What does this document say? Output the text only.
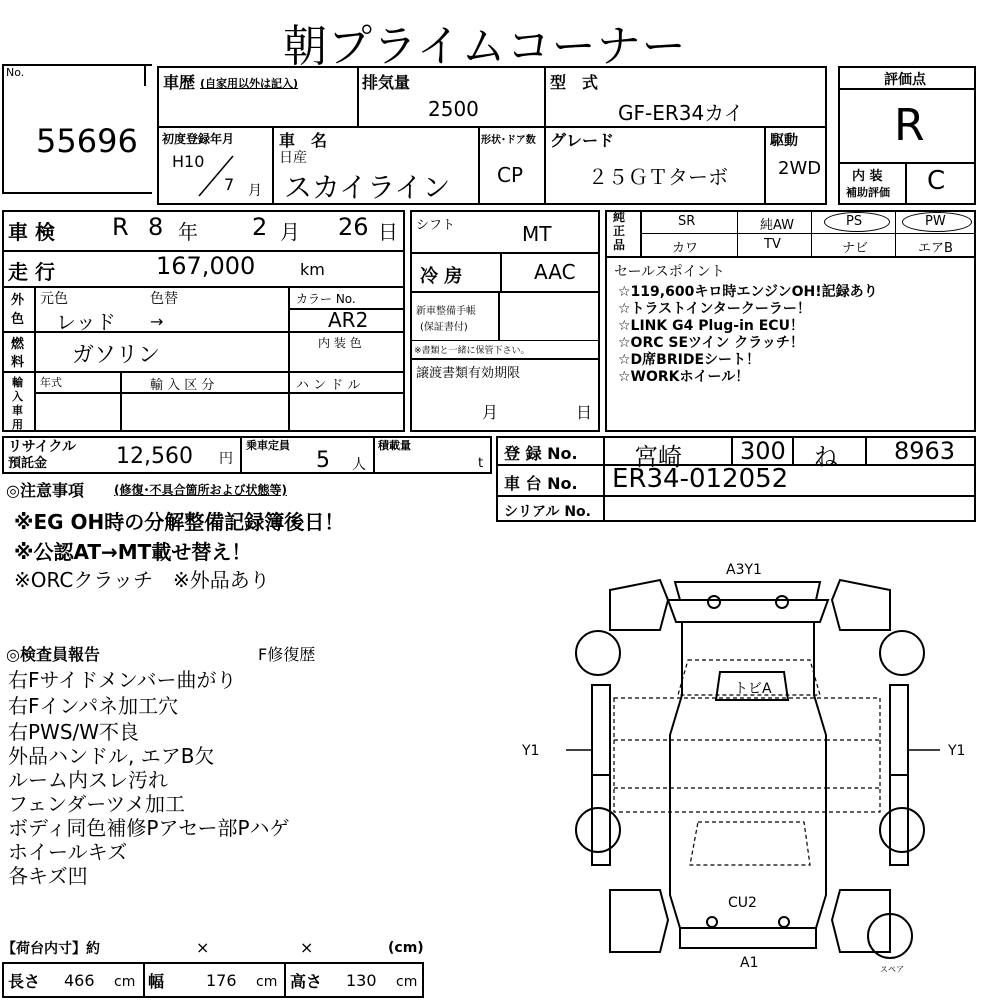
朝プライムコーナー
No.
55696
車歴 (自家用以外は記入)	排気量
2500
型　式
GF-ER34カイ
初度登録年月
H10
7 月
車　名
日産
スカイライン
形状･ドア数
CP
グレード
２５ＧＴターボ
駆動
2WD
評価点
R
内 装
補助評価 C
車 検 R 8 年 2 月 26 日
走 行	167,000	km
外
色
元色	色替
レッド →
カラー No.
AR2
内 装 色
燃
料 ガソリン
輸
入
車
用
年式	輸 入 区 分	ハ ン ド ル
シフト	MT
冷 房	AAC
新車整備手帳
(保証書付)
※書類と一緒に保管下さい。
譲渡書類有効期限
月	日
純正品
SR	純AW	PS	PW
カワ	TV	ナビ	エアB
セールスポイント
☆119,600キロ時エンジンOH!記録あり
☆トラストインタークーラー！
☆LINK G4 Plug-in ECU！
☆ORC SEツイン クラッチ！
☆D席BRIDEシート！
☆WORKホイール！
リサイクル
預託金	12,560 円
乗車定員
5 人
積載量
t
登 録 No. 宮崎 300 ね 8963
車 台 No. ER34-012052
シリアル No.
◎注意事項	(修復･不具合箇所および状態等)
※EG OH時の分解整備記録簿後日！
※公認AT→MT載せ替え！
※ORCクラッチ　※外品あり
◎検査員報告	F修復歴
右Fサイドメンバー曲がり
右Fインパネ加工穴
右PWS/W不良
外品ハンドル, エアB欠
ルーム内スレ汚れ
フェンダーツメ加工
ボディ同色補修Pアセー部Pハゲ
ホイールキズ
各キズ凹
【荷台内寸】約	×	×	(cm)
長さ 466 cm 幅	176 cm 高さ 130 cm
A3Y1
トビA
Y1	Y1
CU2
A1	スペア
